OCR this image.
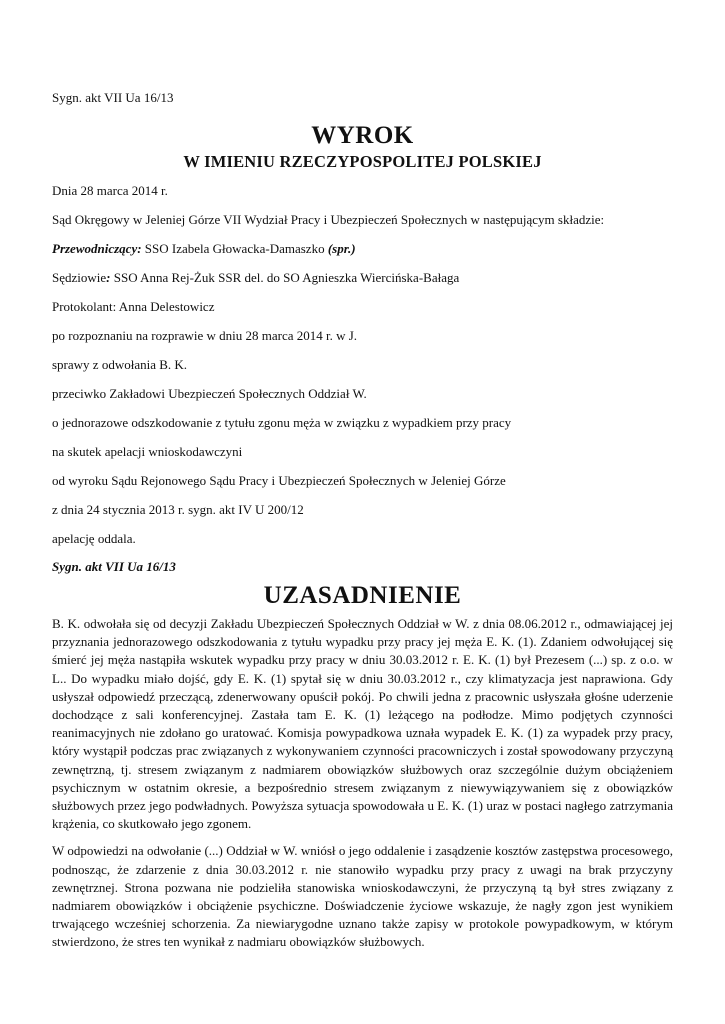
Sygn. akt VII Ua 16/13

WYROK
W IMIENIU RZECZYPOSPOLITEJ POLSKIEJ

Dnia 28 marca 2014 r.

Sąd Okręgowy w Jeleniej Górze VII Wydział Pracy i Ubezpieczeń Społecznych w następującym składzie:

Przewodniczący: SSO Izabela Głowacka-Damaszko (spr.)

Sędziowie: SSO Anna Rej-Żuk SSR del. do SO Agnieszka Wiercińska-Bałaga

Protokolant: Anna Delestowicz

po rozpoznaniu na rozprawie w dniu 28 marca 2014 r. w J.

sprawy z odwołania B. K.

przeciwko Zakładowi Ubezpieczeń Społecznych Oddział W.

o jednorazowe odszkodowanie z tytułu zgonu męża w związku z wypadkiem przy pracy

na skutek apelacji wnioskodawczyni

od wyroku Sądu Rejonowego Sądu Pracy i Ubezpieczeń Społecznych w Jeleniej Górze

z dnia 24 stycznia 2013 r. sygn. akt IV U 200/12

apelację oddala.

Sygn. akt VII Ua 16/13

UZASADNIENIE

B. K. odwołała się od decyzji Zakładu Ubezpieczeń Społecznych Oddział w W. z dnia 08.06.2012 r., odmawiającej jej przyznania jednorazowego odszkodowania z tytułu wypadku przy pracy jej męża E. K. (1). Zdaniem odwołującej się śmierć jej męża nastąpiła wskutek wypadku przy pracy w dniu 30.03.2012 r. E. K. (1) był Prezesem (...) sp. z o.o. w L.. Do wypadku miało dojść, gdy E. K. (1) spytał się w dniu 30.03.2012 r., czy klimatyzacja jest naprawiona. Gdy usłyszał odpowiedź przeczącą, zdenerwowany opuścił pokój. Po chwili jedna z pracownic usłyszała głośne uderzenie dochodzące z sali konferencyjnej. Zastała tam E. K. (1) leżącego na podłodze. Mimo podjętych czynności reanimacyjnych nie zdołano go uratować. Komisja powypadkowa uznała wypadek E. K. (1) za wypadek przy pracy, który wystąpił podczas prac związanych z wykonywaniem czynności pracowniczych i został spowodowany przyczyną zewnętrzną, tj. stresem związanym z nadmiarem obowiązków służbowych oraz szczególnie dużym obciążeniem psychicznym w ostatnim okresie, a bezpośrednio stresem związanym z niewywiązywaniem się z obowiązków służbowych przez jego podwładnych. Powyższa sytuacja spowodowała u E. K. (1) uraz w postaci nagłego zatrzymania krążenia, co skutkowało jego zgonem.

W odpowiedzi na odwołanie (...) Oddział w W. wniósł o jego oddalenie i zasądzenie kosztów zastępstwa procesowego, podnosząc, że zdarzenie z dnia 30.03.2012 r. nie stanowiło wypadku przy pracy z uwagi na brak przyczyny zewnętrznej. Strona pozwana nie podzieliła stanowiska wnioskodawczyni, że przyczyną tą był stres związany z nadmiarem obowiązków i obciążenie psychiczne. Doświadczenie życiowe wskazuje, że nagły zgon jest wynikiem trwającego wcześniej schorzenia. Za niewiarygodne uznano także zapisy w protokole powypadkowym, w którym stwierdzono, że stres ten wynikał z nadmiaru obowiązków służbowych.
